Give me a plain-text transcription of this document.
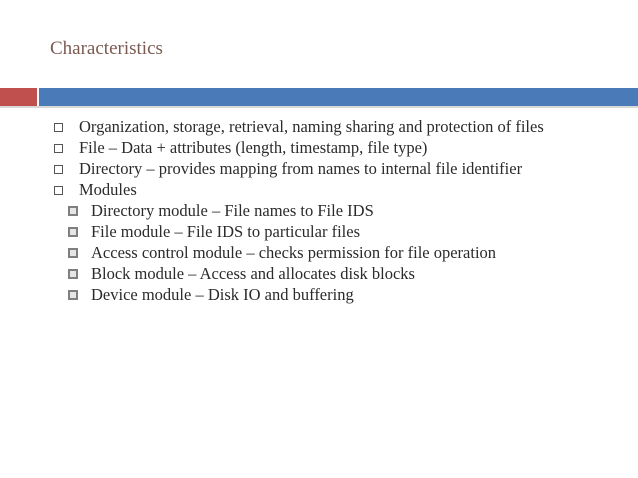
Characteristics
Organization, storage, retrieval, naming sharing and protection of files
File – Data + attributes (length, timestamp, file type)
Directory – provides mapping from names to internal file identifier
Modules
Directory module – File names to File IDS
File module – File IDS to particular files
Access control module – checks permission for file operation
Block module – Access and allocates disk blocks
Device module – Disk IO and buffering
